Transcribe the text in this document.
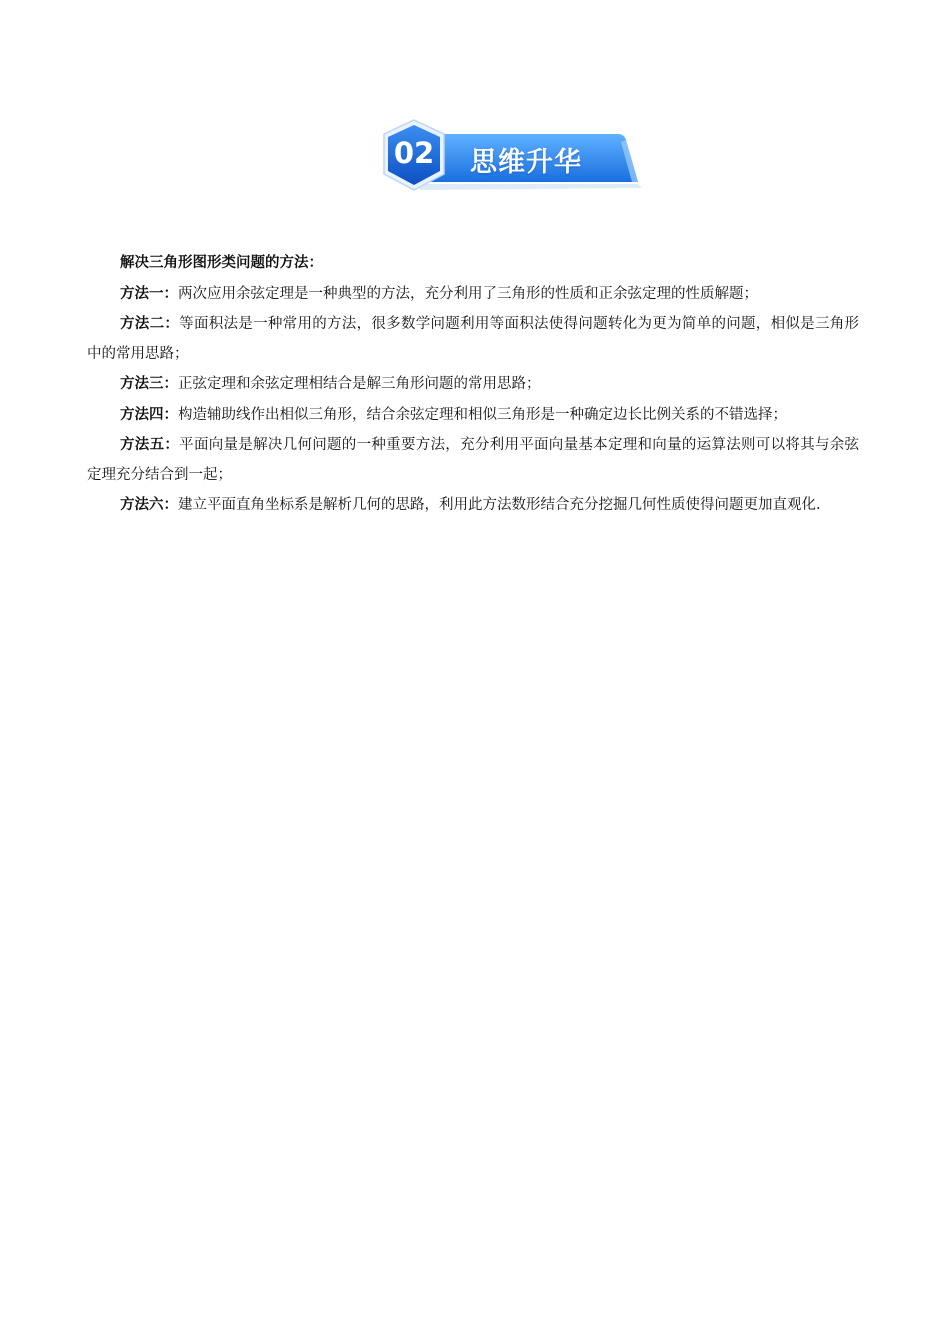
02	思维升华

解决三角形图形类问题的方法：

方法一：两次应用余弦定理是一种典型的方法，充分利用了三角形的性质和正余弦定理的性质解题；

方法二：等面积法是一种常用的方法，很多数学问题利用等面积法使得问题转化为更为简单的问题，相似是三角形中的常用思路；

方法三：正弦定理和余弦定理相结合是解三角形问题的常用思路；

方法四：构造辅助线作出相似三角形，结合余弦定理和相似三角形是一种确定边长比例关系的不错选择；

方法五：平面向量是解决几何问题的一种重要方法，充分利用平面向量基本定理和向量的运算法则可以将其与余弦定理充分结合到一起；

方法六：建立平面直角坐标系是解析几何的思路，利用此方法数形结合充分挖掘几何性质使得问题更加直观化.
